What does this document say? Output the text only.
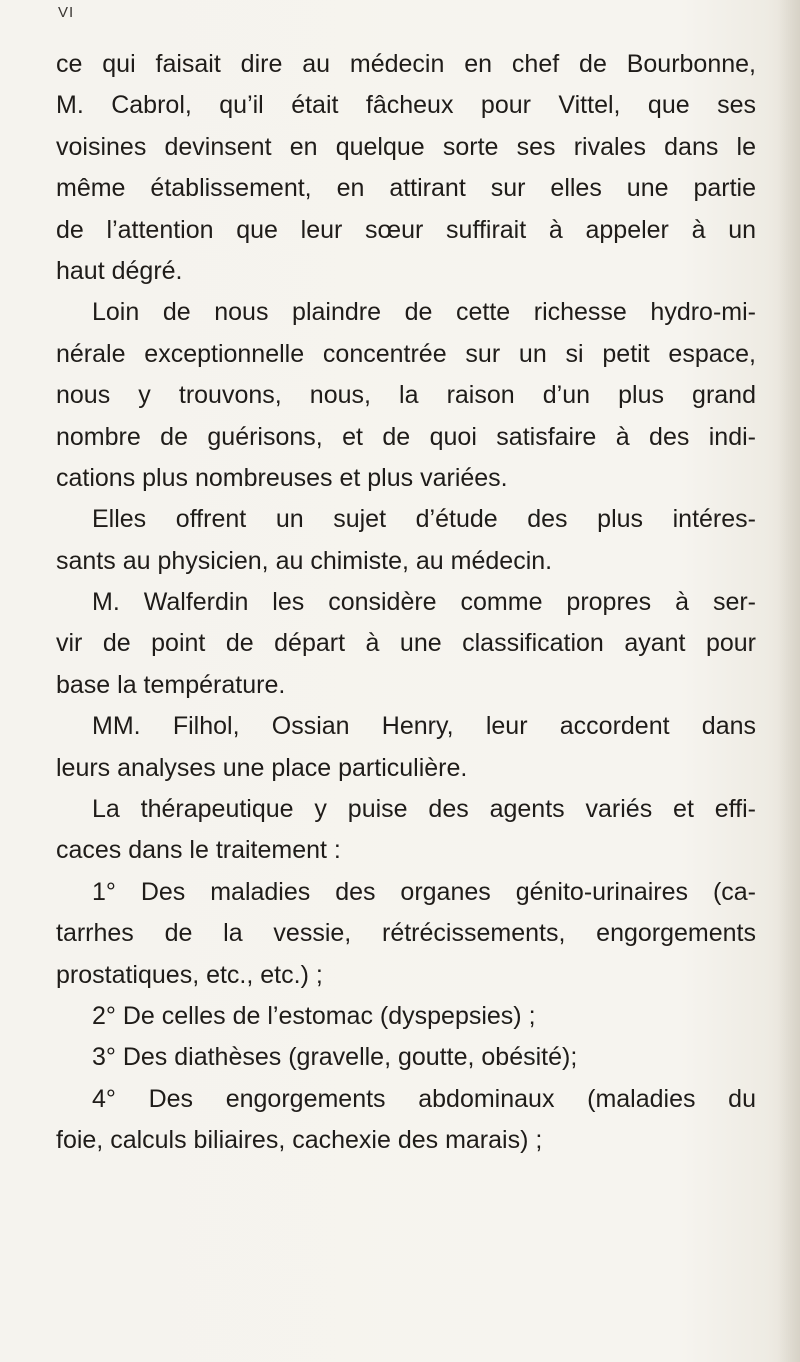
VI
ce qui faisait dire au médecin en chef de Bourbonne,
M. Cabrol, qu’il était fâcheux pour Vittel, que ses
voisines devinsent en quelque sorte ses rivales dans le
même établissement, en attirant sur elles une partie
de l’attention que leur sœur suffirait à appeler à un
haut dégré.
Loin de nous plaindre de cette richesse hydro-mi-
nérale exceptionnelle concentrée sur un si petit espace,
nous y trouvons, nous, la raison d’un plus grand
nombre de guérisons, et de quoi satisfaire à des indi-
cations plus nombreuses et plus variées.
Elles offrent un sujet d’étude des plus intéres-
sants au physicien, au chimiste, au médecin.
M. Walferdin les considère comme propres à ser-
vir de point de départ à une classification ayant pour
base la température.
MM. Filhol, Ossian Henry, leur accordent dans
leurs analyses une place particulière.
La thérapeutique y puise des agents variés et effi-
caces dans le traitement :
1° Des maladies des organes génito-urinaires (ca-
tarrhes de la vessie, rétrécissements, engorgements
prostatiques, etc., etc.) ;
2° De celles de l’estomac (dyspepsies) ;
3° Des diathèses (gravelle, goutte, obésité);
4° Des engorgements abdominaux (maladies du
foie, calculs biliaires, cachexie des marais) ;
